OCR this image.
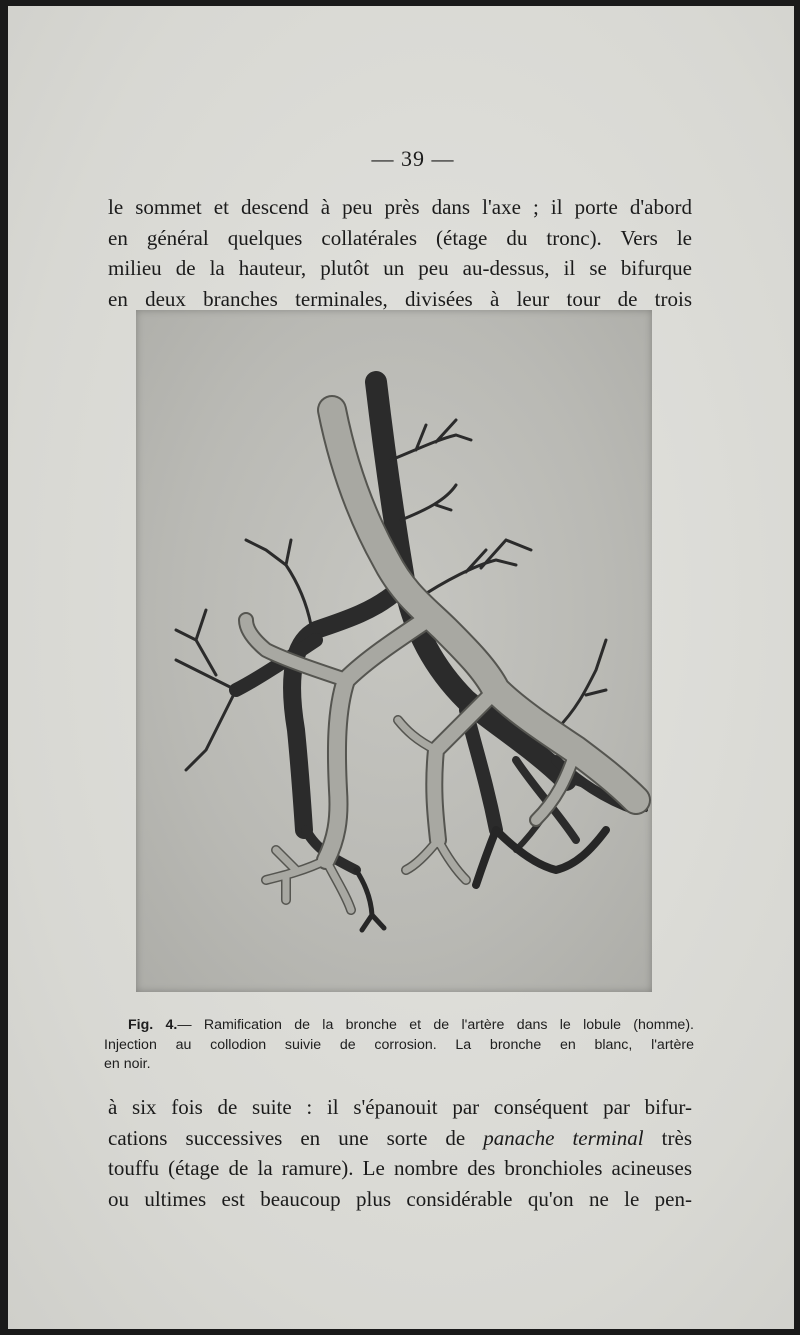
— 39 —

le sommet et descend à peu près dans l'axe ; il porte d'abord
en général quelques collatérales (étage du tronc). Vers le
milieu de la hauteur, plutôt un peu au-dessus, il se bifurque
en deux branches terminales, divisées à leur tour de trois

Fig. 4.— Ramification de la bronche et de l'artère dans le lobule (homme).
Injection au collodion suivie de corrosion. La bronche en blanc, l'artère
en noir.

à six fois de suite : il s'épanouit par conséquent par bifur-
cations successives en une sorte de panache terminal très
touffu (étage de la ramure). Le nombre des bronchioles acineuses
ou ultimes est beaucoup plus considérable qu'on ne le pen-
